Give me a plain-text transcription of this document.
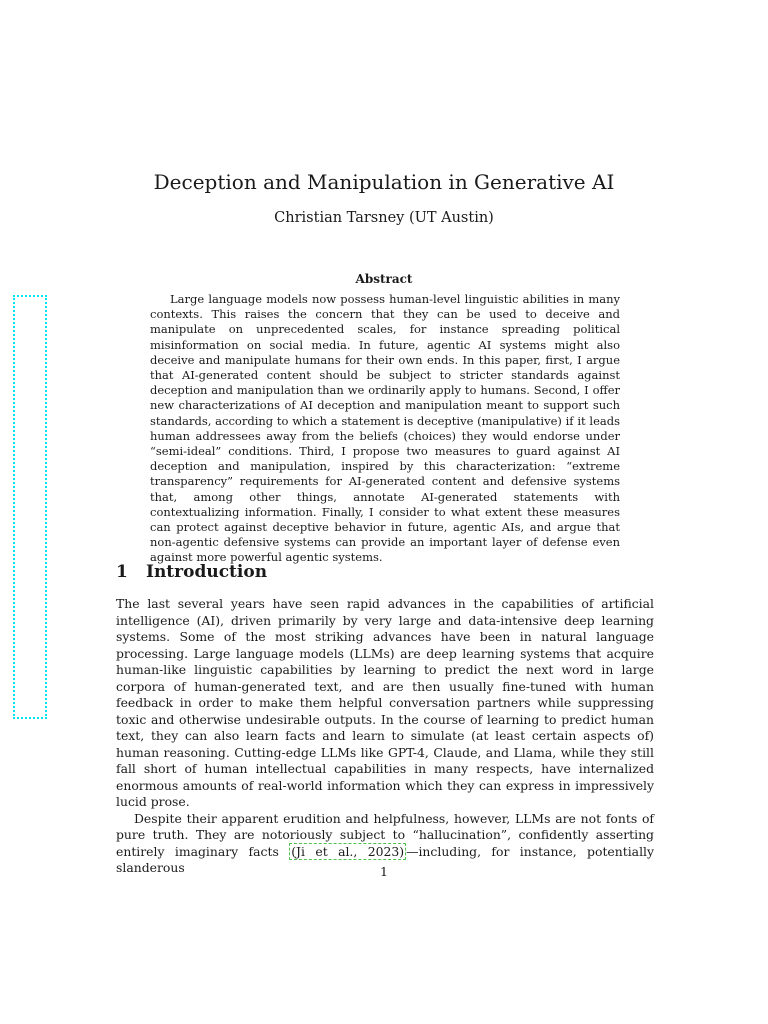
Deception and Manipulation in Generative AI
Christian Tarsney (UT Austin)
Abstract
Large language models now possess human-level linguistic abilities in many contexts. This raises the concern that they can be used to deceive and manipulate on unprecedented scales, for instance spreading political misinformation on social media. In future, agentic AI systems might also deceive and manipulate humans for their own ends. In this paper, first, I argue that AI-generated content should be subject to stricter standards against deception and manipulation than we ordinarily apply to humans. Second, I offer new characterizations of AI deception and manipulation meant to support such standards, according to which a statement is deceptive (manipulative) if it leads human addressees away from the beliefs (choices) they would endorse under “semi-ideal” conditions. Third, I propose two measures to guard against AI deception and manipulation, inspired by this characterization: “extreme transparency” requirements for AI-generated content and defensive systems that, among other things, annotate AI-generated statements with contextualizing information. Finally, I consider to what extent these measures can protect against deceptive behavior in future, agentic AIs, and argue that non-agentic defensive systems can provide an important layer of defense even against more powerful agentic systems.
1 Introduction

The last several years have seen rapid advances in the capabilities of artificial intelligence (AI), driven primarily by very large and data-intensive deep learning systems. Some of the most striking advances have been in natural language processing. Large language models (LLMs) are deep learning systems that acquire human-like linguistic capabilities by learning to predict the next word in large corpora of human-generated text, and are then usually fine-tuned with human feedback in order to make them helpful conversation partners while suppressing toxic and otherwise undesirable outputs. In the course of learning to predict human text, they can also learn facts and learn to simulate (at least certain aspects of) human reasoning. Cutting-edge LLMs like GPT-4, Claude, and Llama, while they still fall short of human intellectual capabilities in many respects, have internalized enormous amounts of real-world information which they can express in impressively lucid prose.

Despite their apparent erudition and helpfulness, however, LLMs are not fonts of pure truth. They are notoriously subject to “hallucination”, confidently asserting entirely imaginary facts (Ji et al., 2023) —including, for instance, potentially slanderous	1
